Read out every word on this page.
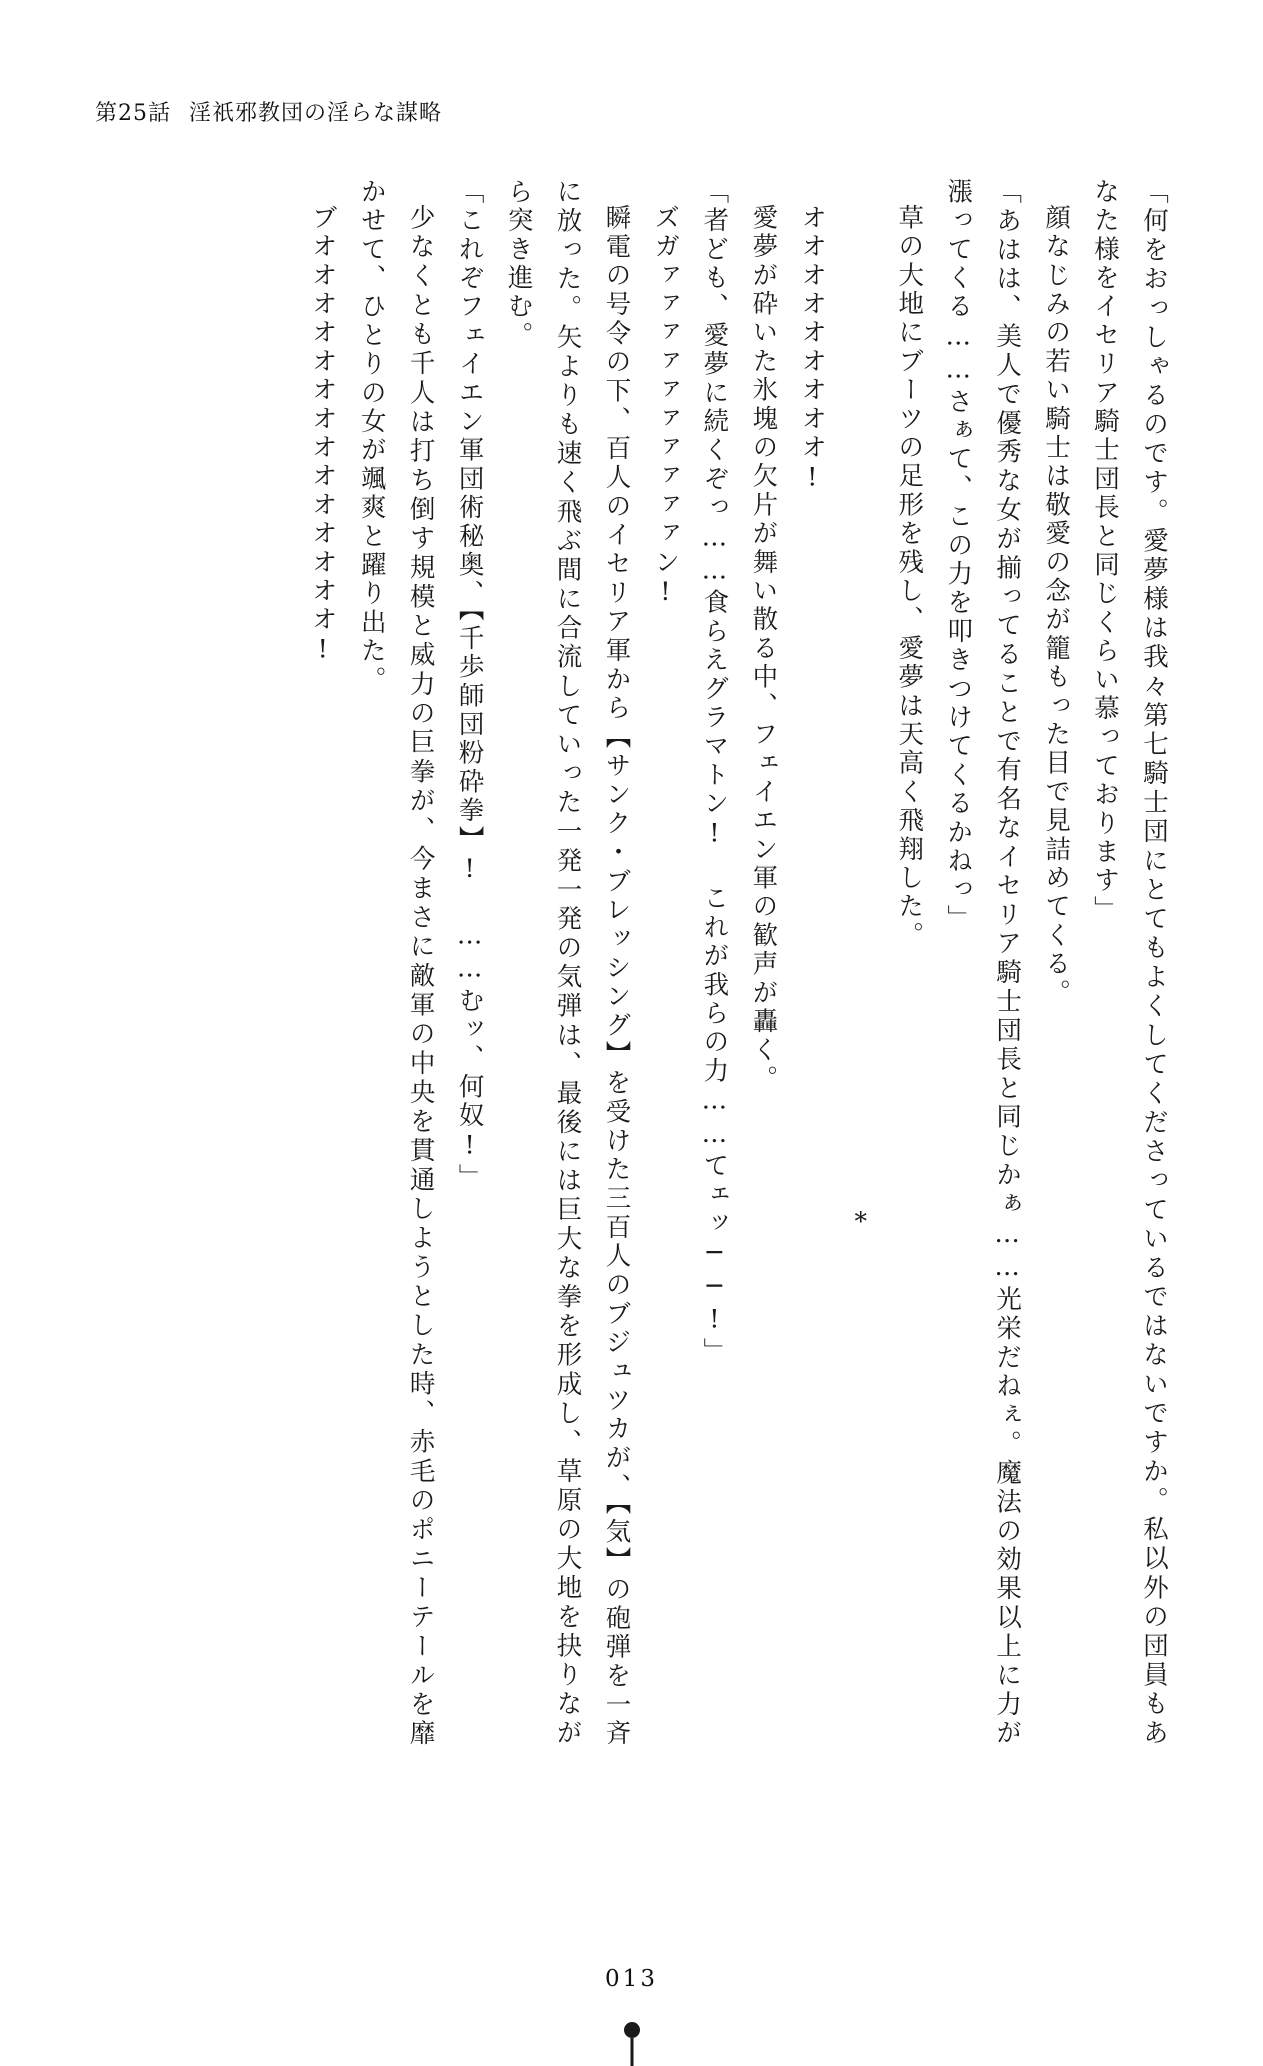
第25話 淫祇邪教団の淫らな謀略

「何をおっしゃるのです。愛夢様は我々第七騎士団にとてもよくしてくださっているではないですか。私以外の団員もあなた様をイセリア騎士団長と同じくらい慕っております」

顔なじみの若い騎士は敬愛の念が籠もった目で見詰めてくる。

「あはは、美人で優秀な女が揃ってることで有名なイセリア騎士団長と同じかぁ……光栄だねぇ。魔法の効果以上に力が漲ってくる……さぁて、この力を叩きつけてくるかねっ」

草の大地にブーツの足形を残し、愛夢は天高く飛翔した。

*

オオオオオオオオオ!

愛夢が砕いた氷塊の欠片が舞い散る中、フェイエン軍の歓声が轟く。

「者ども、愛夢に続くぞっ……食らえグラマトン! これが我らの力……てェッ──!」

ズガァァァァァァァァァァン!

瞬電の号令の下、百人のイセリア軍から【サンク・ブレッシング】を受けた三百人のブジュツカが、【気】の砲弾を一斉に放った。矢よりも速く飛ぶ間に合流していった一発一発の気弾は、最後には巨大な拳を形成し、草原の大地を抉りながら突き進む。

「これぞフェイエン軍団術秘奥、【千歩師団粉砕拳】! ……むッ、何奴!」

少なくとも千人は打ち倒す規模と威力の巨拳が、今まさに敵軍の中央を貫通しようとした時、赤毛のポニーテールを靡かせて、ひとりの女が颯爽と躍り出た。

ブオオオオオオオオオオオオオオ!

013
